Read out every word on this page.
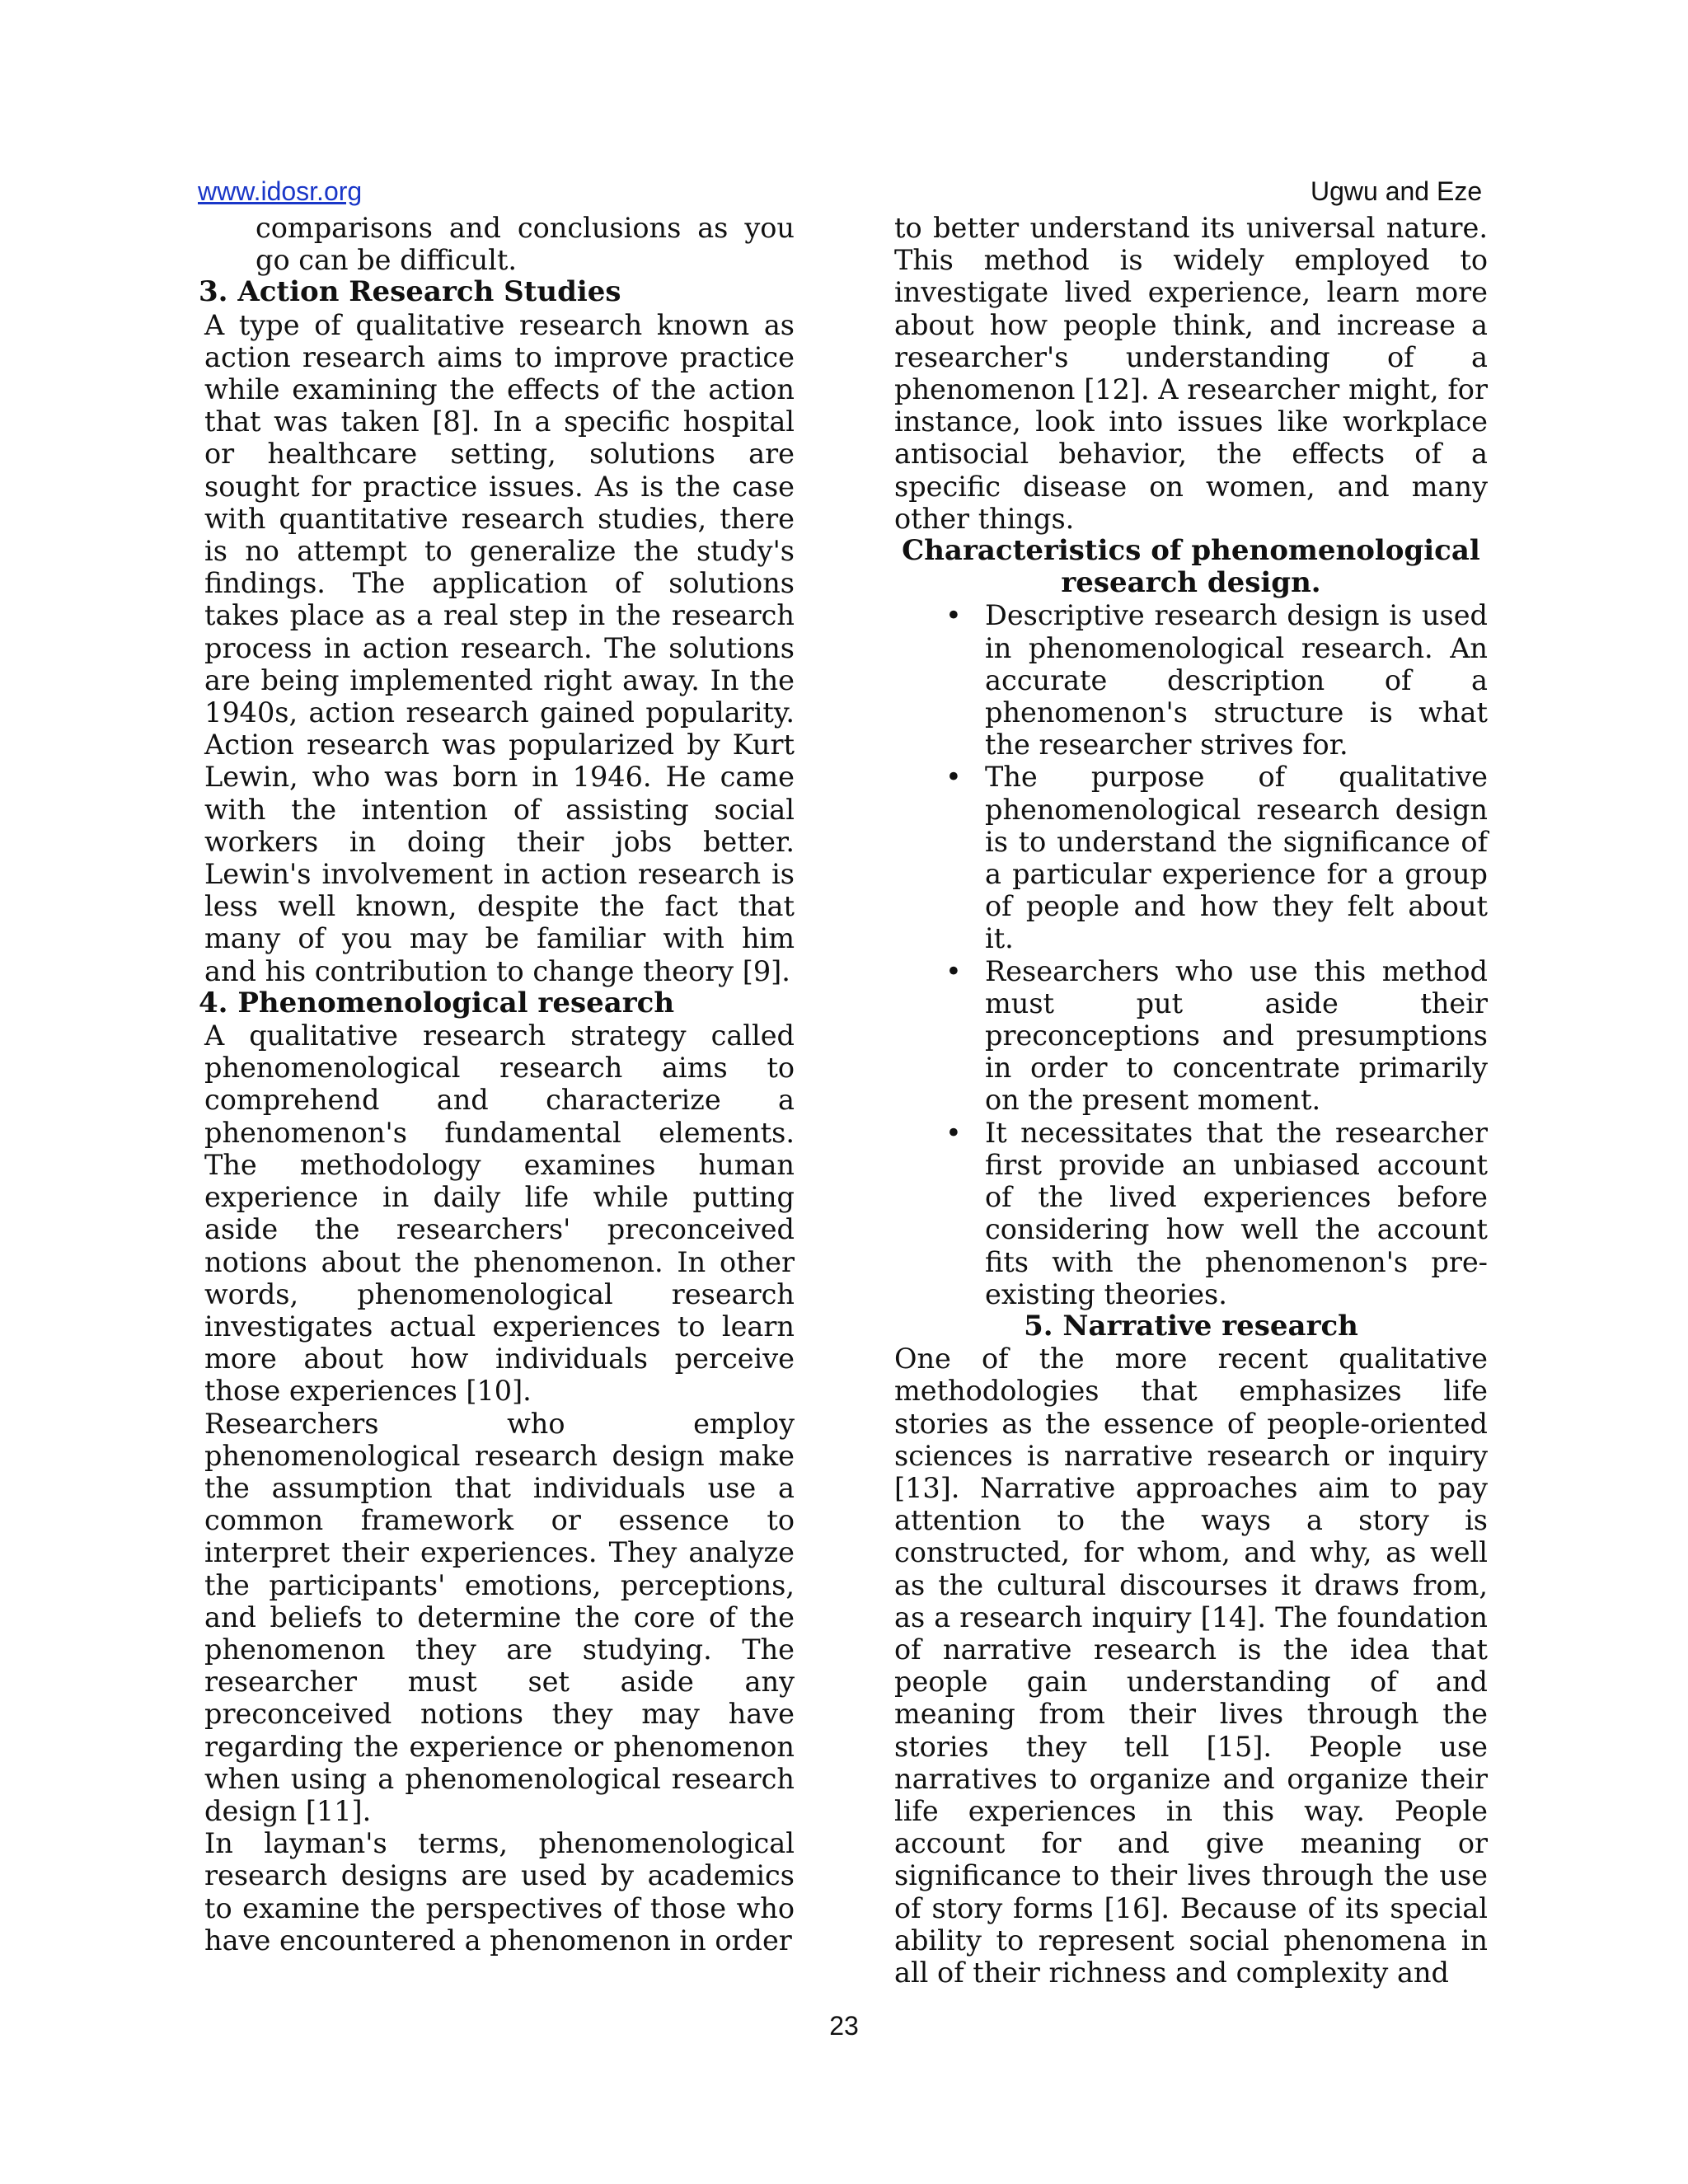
www.idosr.org	Ugwu and Eze

comparisons and conclusions as you go can be difficult.

3. Action Research Studies

A type of qualitative research known as action research aims to improve practice while examining the effects of the action that was taken [8]. In a specific hospital or healthcare setting, solutions are sought for practice issues. As is the case with quantitative research studies, there is no attempt to generalize the study's findings. The application of solutions takes place as a real step in the research process in action research. The solutions are being implemented right away. In the 1940s, action research gained popularity. Action research was popularized by Kurt Lewin, who was born in 1946. He came with the intention of assisting social workers in doing their jobs better. Lewin's involvement in action research is less well known, despite the fact that many of you may be familiar with him and his contribution to change theory [9].

4. Phenomenological research

A qualitative research strategy called phenomenological research aims to comprehend and characterize a phenomenon's fundamental elements. The methodology examines human experience in daily life while putting aside the researchers' preconceived notions about the phenomenon. In other words, phenomenological research investigates actual experiences to learn more about how individuals perceive those experiences [10].

Researchers who employ phenomenological research design make the assumption that individuals use a common framework or essence to interpret their experiences. They analyze the participants' emotions, perceptions, and beliefs to determine the core of the phenomenon they are studying. The researcher must set aside any preconceived notions they may have regarding the experience or phenomenon when using a phenomenological research design [11].

In layman's terms, phenomenological research designs are used by academics to examine the perspectives of those who have encountered a phenomenon in order

to better understand its universal nature. This method is widely employed to investigate lived experience, learn more about how people think, and increase a researcher's understanding of a phenomenon [12]. A researcher might, for instance, look into issues like workplace antisocial behavior, the effects of a specific disease on women, and many other things.

Characteristics of phenomenological research design.
• Descriptive research design is used in phenomenological research. An accurate description of a phenomenon's structure is what the researcher strives for.
• The purpose of qualitative phenomenological research design is to understand the significance of a particular experience for a group of people and how they felt about it.
• Researchers who use this method must put aside their preconceptions and presumptions in order to concentrate primarily on the present moment.
• It necessitates that the researcher first provide an unbiased account of the lived experiences before considering how well the account fits with the phenomenon's pre-existing theories.
5. Narrative research

One of the more recent qualitative methodologies that emphasizes life stories as the essence of people-oriented sciences is narrative research or inquiry [13]. Narrative approaches aim to pay attention to the ways a story is constructed, for whom, and why, as well as the cultural discourses it draws from, as a research inquiry [14]. The foundation of narrative research is the idea that people gain understanding of and meaning from their lives through the stories they tell [15]. People use narratives to organize and organize their life experiences in this way. People account for and give meaning or significance to their lives through the use of story forms [16]. Because of its special ability to represent social phenomena in all of their richness and complexity and

23
